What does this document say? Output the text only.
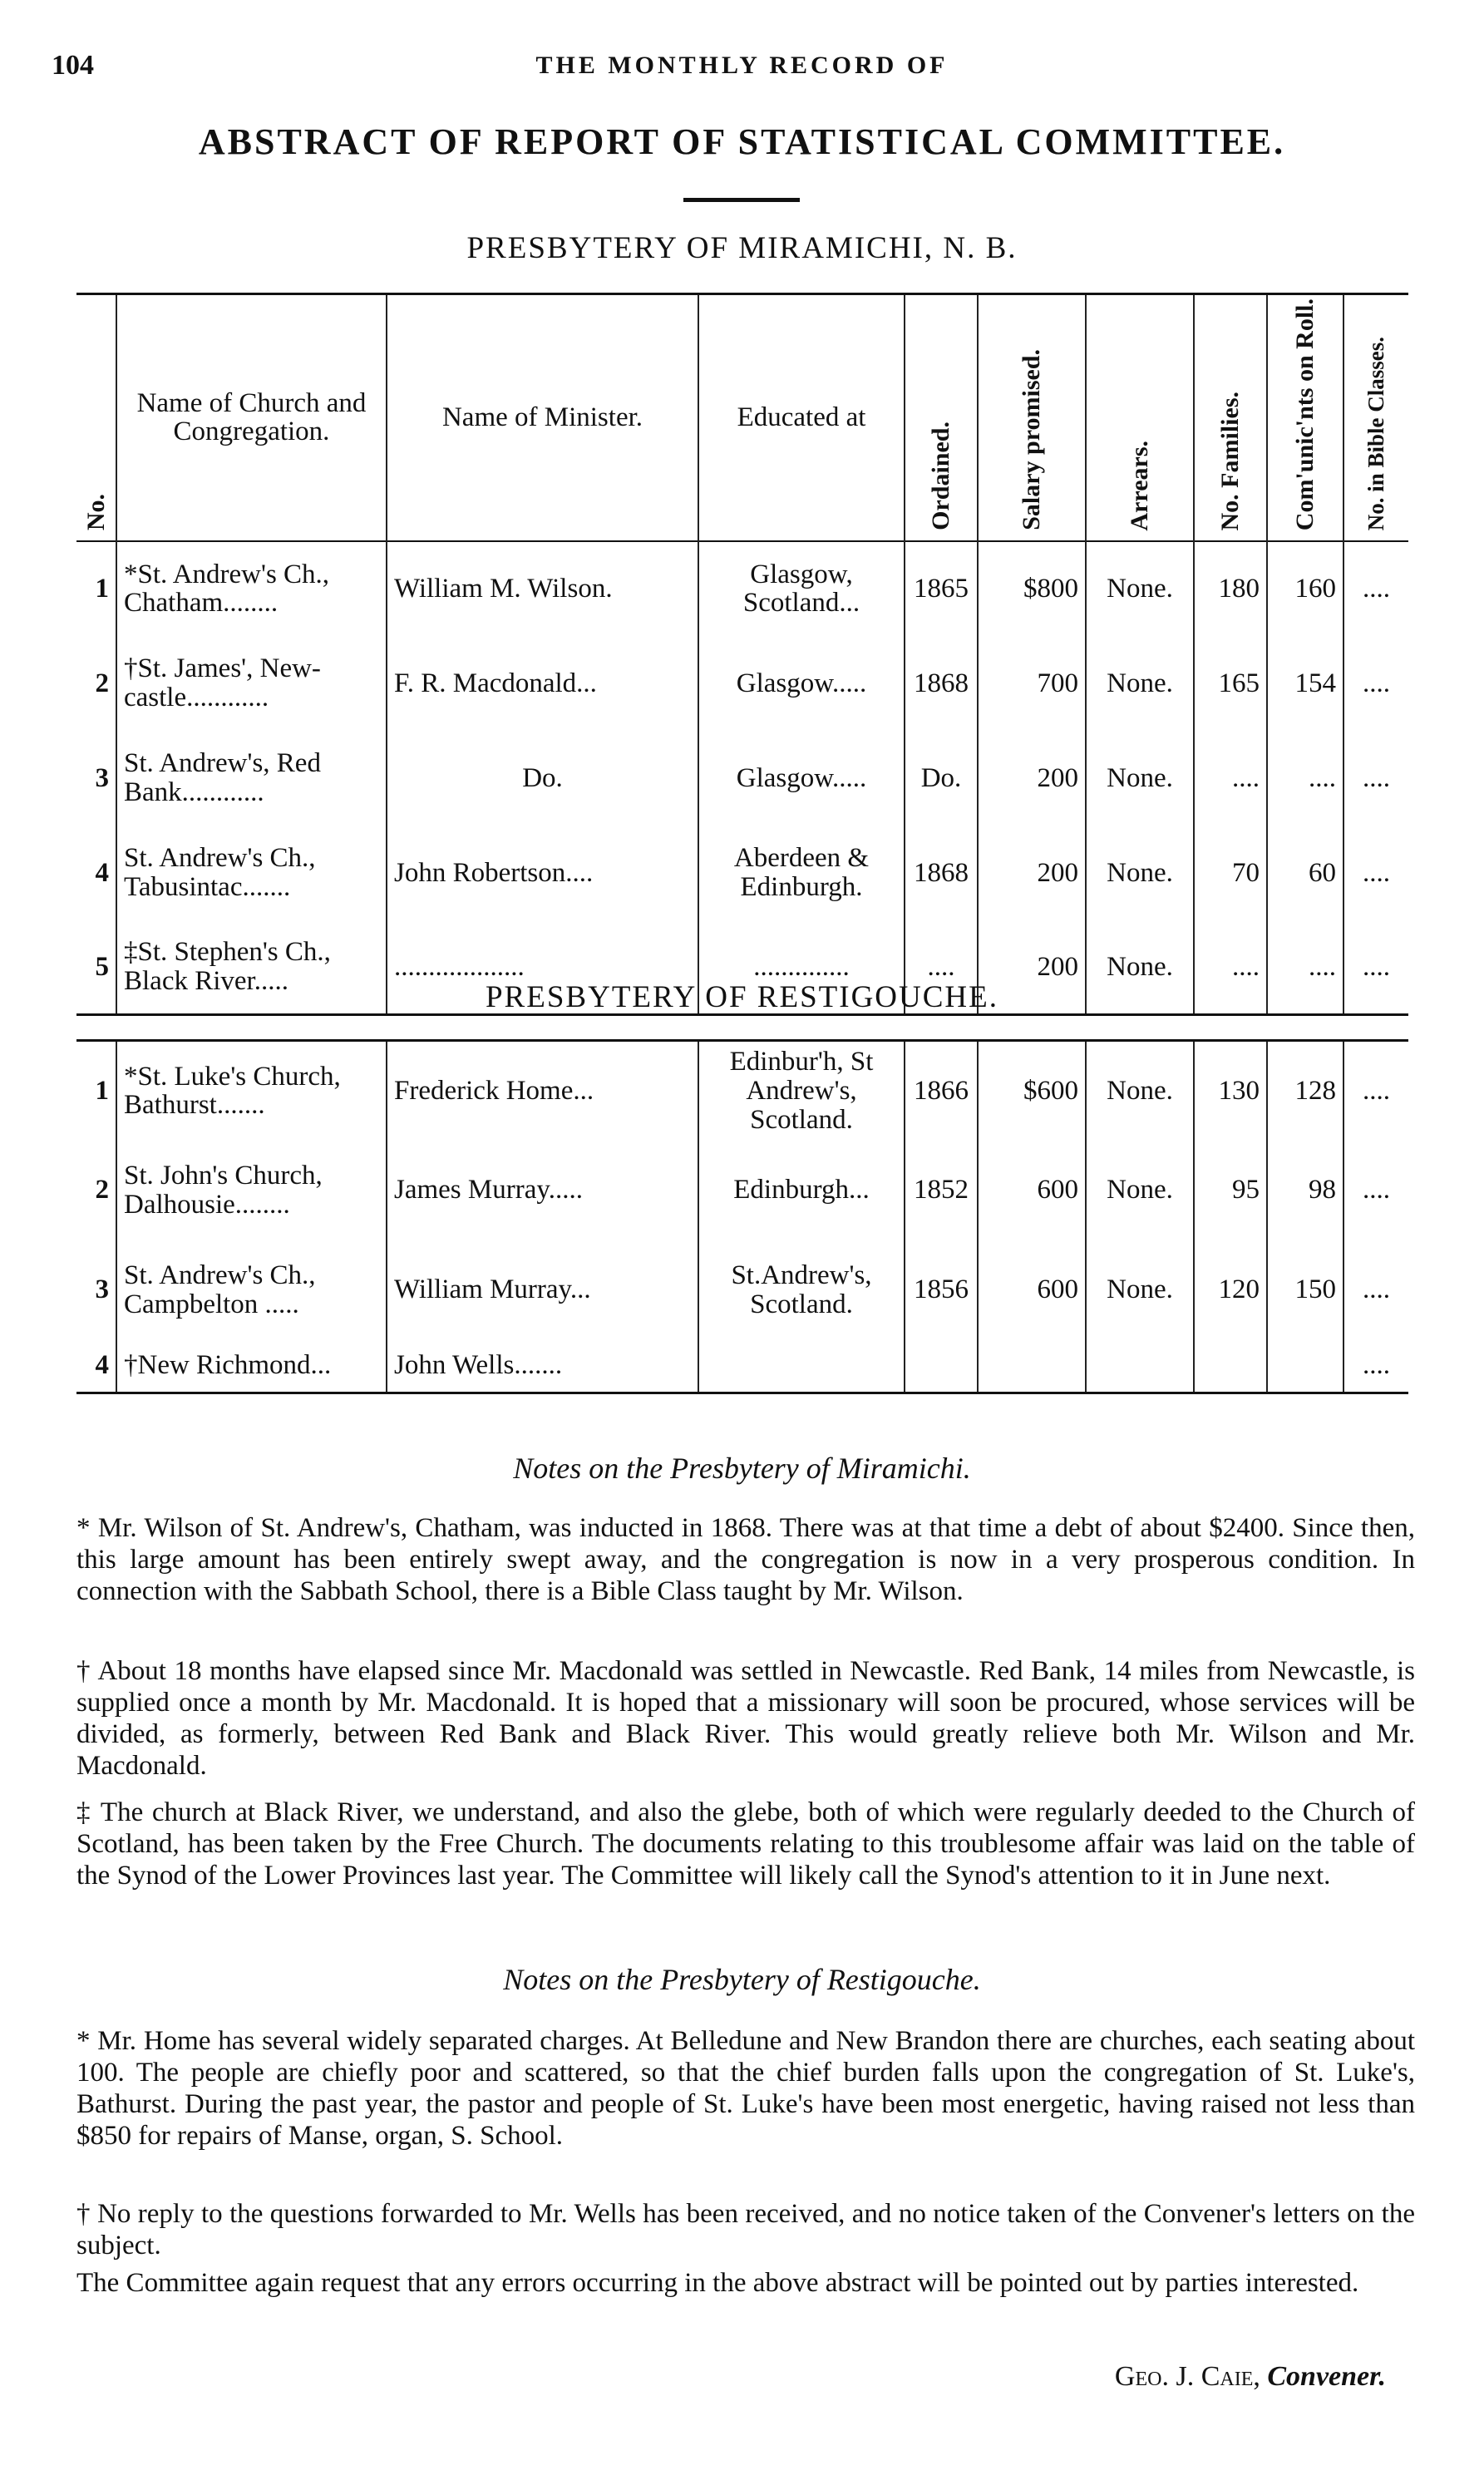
104	THE MONTHLY RECORD OF
ABSTRACT OF REPORT OF STATISTICAL COMMITTEE.
PRESBYTERY OF MIRAMICHI, N. B.
No.	Name of Church and Congregation.	Name of Minister.	Educated at	Ordained.	Salary promised.	Arrears.	No. Families.	Com'unic'nts on Roll.	No. in Bible Classes.
1	*St. Andrew's Ch., Chatham........	William M. Wilson.	Glasgow, Scotland...	1865	$800	None.	180	160	....
2	†St. James', New-castle............	F. R. Macdonald...	Glasgow.....	1868	700	None.	165	154	....
3	St. Andrew's, Red Bank............	Do.	Glasgow.....	Do.	200	None.	....	....	....
4	St. Andrew's Ch., Tabusintac.......	John Robertson....	Aberdeen & Edinburgh.	1868	200	None.	70	60	....
5	‡St. Stephen's Ch., Black River.....	...................	..............	....	200	None.	....	....	....
PRESBYTERY OF RESTIGOUCHE.
1	*St. Luke's Church, Bathurst.......	Frederick Home...	Edinbur'h, St Andrew's, Scotland.	1866	$600	None.	130	128	....
2	St. John's Church, Dalhousie........	James Murray.....	Edinburgh...	1852	600	None.	95	98	....
3	St. Andrew's Ch., Campbelton .....	William Murray...	St.Andrew's, Scotland.	1856	600	None.	120	150	....
4	†New Richmond...	John Wells.......							....
Notes on the Presbytery of Miramichi.
* Mr. Wilson of St. Andrew's, Chatham, was inducted in 1868. There was at that time a debt of about $2400. Since then, this large amount has been entirely swept away, and the congregation is now in a very prosperous condition. In connection with the Sabbath School, there is a Bible Class taught by Mr. Wilson.
† About 18 months have elapsed since Mr. Macdonald was settled in Newcastle. Red Bank, 14 miles from Newcastle, is supplied once a month by Mr. Macdonald. It is hoped that a missionary will soon be procured, whose services will be divided, as formerly, between Red Bank and Black River. This would greatly relieve both Mr. Wilson and Mr. Macdonald.
‡ The church at Black River, we understand, and also the glebe, both of which were regularly deeded to the Church of Scotland, has been taken by the Free Church. The documents relating to this troublesome affair was laid on the table of the Synod of the Lower Provinces last year. The Committee will likely call the Synod's attention to it in June next.
Notes on the Presbytery of Restigouche.
* Mr. Home has several widely separated charges. At Belledune and New Brandon there are churches, each seating about 100. The people are chiefly poor and scattered, so that the chief burden falls upon the congregation of St. Luke's, Bathurst. During the past year, the pastor and people of St. Luke's have been most energetic, having raised not less than $850 for repairs of Manse, organ, S. School.
† No reply to the questions forwarded to Mr. Wells has been received, and no notice taken of the Convener's letters on the subject.
The Committee again request that any errors occurring in the above abstract will be pointed out by parties interested.
Geo. J. Caie, Convener.
